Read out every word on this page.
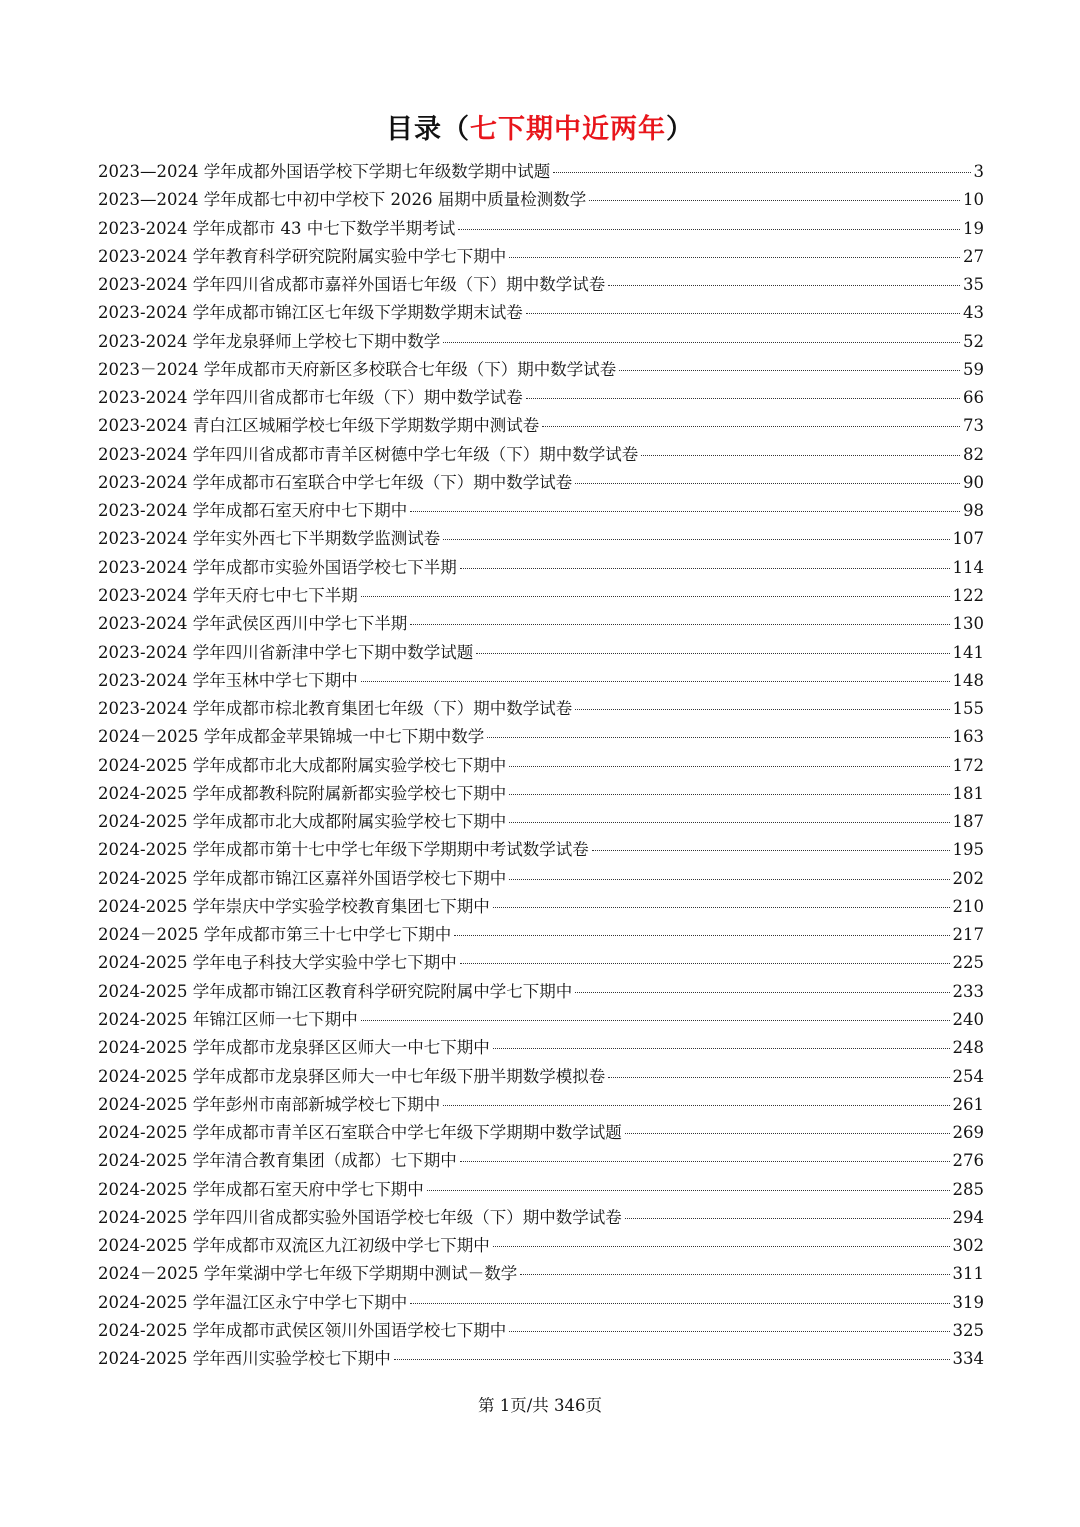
目录（七下期中近两年）
2023—2024 学年成都外国语学校下学期七年级数学期中试题	3
2023—2024 学年成都七中初中学校下 2026 届期中质量检测数学	10
2023-2024 学年成都市 43 中七下数学半期考试	19
2023-2024 学年教育科学研究院附属实验中学七下期中	27
2023-2024 学年四川省成都市嘉祥外国语七年级（下）期中数学试卷	35
2023-2024 学年成都市锦江区七年级下学期数学期末试卷	43
2023-2024 学年龙泉驿师上学校七下期中数学	52
2023－2024 学年成都市天府新区多校联合七年级（下）期中数学试卷	59
2023-2024 学年四川省成都市七年级（下）期中数学试卷	66
2023-2024 青白江区城厢学校七年级下学期数学期中测试卷	73
2023-2024 学年四川省成都市青羊区树德中学七年级（下）期中数学试卷	82
2023-2024 学年成都市石室联合中学七年级（下）期中数学试卷	90
2023-2024 学年成都石室天府中七下期中	98
2023-2024 学年实外西七下半期数学监测试卷	107
2023-2024 学年成都市实验外国语学校七下半期	114
2023-2024 学年天府七中七下半期	122
2023-2024 学年武侯区西川中学七下半期	130
2023-2024 学年四川省新津中学七下期中数学试题	141
2023-2024 学年玉林中学七下期中	148
2023-2024 学年成都市棕北教育集团七年级（下）期中数学试卷	155
2024－2025 学年成都金苹果锦城一中七下期中数学	163
2024-2025 学年成都市北大成都附属实验学校七下期中	172
2024-2025 学年成都教科院附属新都实验学校七下期中	181
2024-2025 学年成都市北大成都附属实验学校七下期中	187
2024-2025 学年成都市第十七中学七年级下学期期中考试数学试卷	195
2024-2025 学年成都市锦江区嘉祥外国语学校七下期中	202
2024-2025 学年崇庆中学实验学校教育集团七下期中	210
2024－2025 学年成都市第三十七中学七下期中	217
2024-2025 学年电子科技大学实验中学七下期中	225
2024-2025 学年成都市锦江区教育科学研究院附属中学七下期中	233
2024-2025 年锦江区师一七下期中	240
2024-2025 学年成都市龙泉驿区区师大一中七下期中	248
2024-2025 学年成都市龙泉驿区师大一中七年级下册半期数学模拟卷	254
2024-2025 学年彭州市南部新城学校七下期中	261
2024-2025 学年成都市青羊区石室联合中学七年级下学期期中数学试题	269
2024-2025 学年清合教育集团（成都）七下期中	276
2024-2025 学年成都石室天府中学七下期中	285
2024-2025 学年四川省成都实验外国语学校七年级（下）期中数学试卷	294
2024-2025 学年成都市双流区九江初级中学七下期中	302
2024－2025 学年棠湖中学七年级下学期期中测试－数学	311
2024-2025 学年温江区永宁中学七下期中	319
2024-2025 学年成都市武侯区领川外国语学校七下期中	325
2024-2025 学年西川实验学校七下期中	334
第 1页/共 346页
